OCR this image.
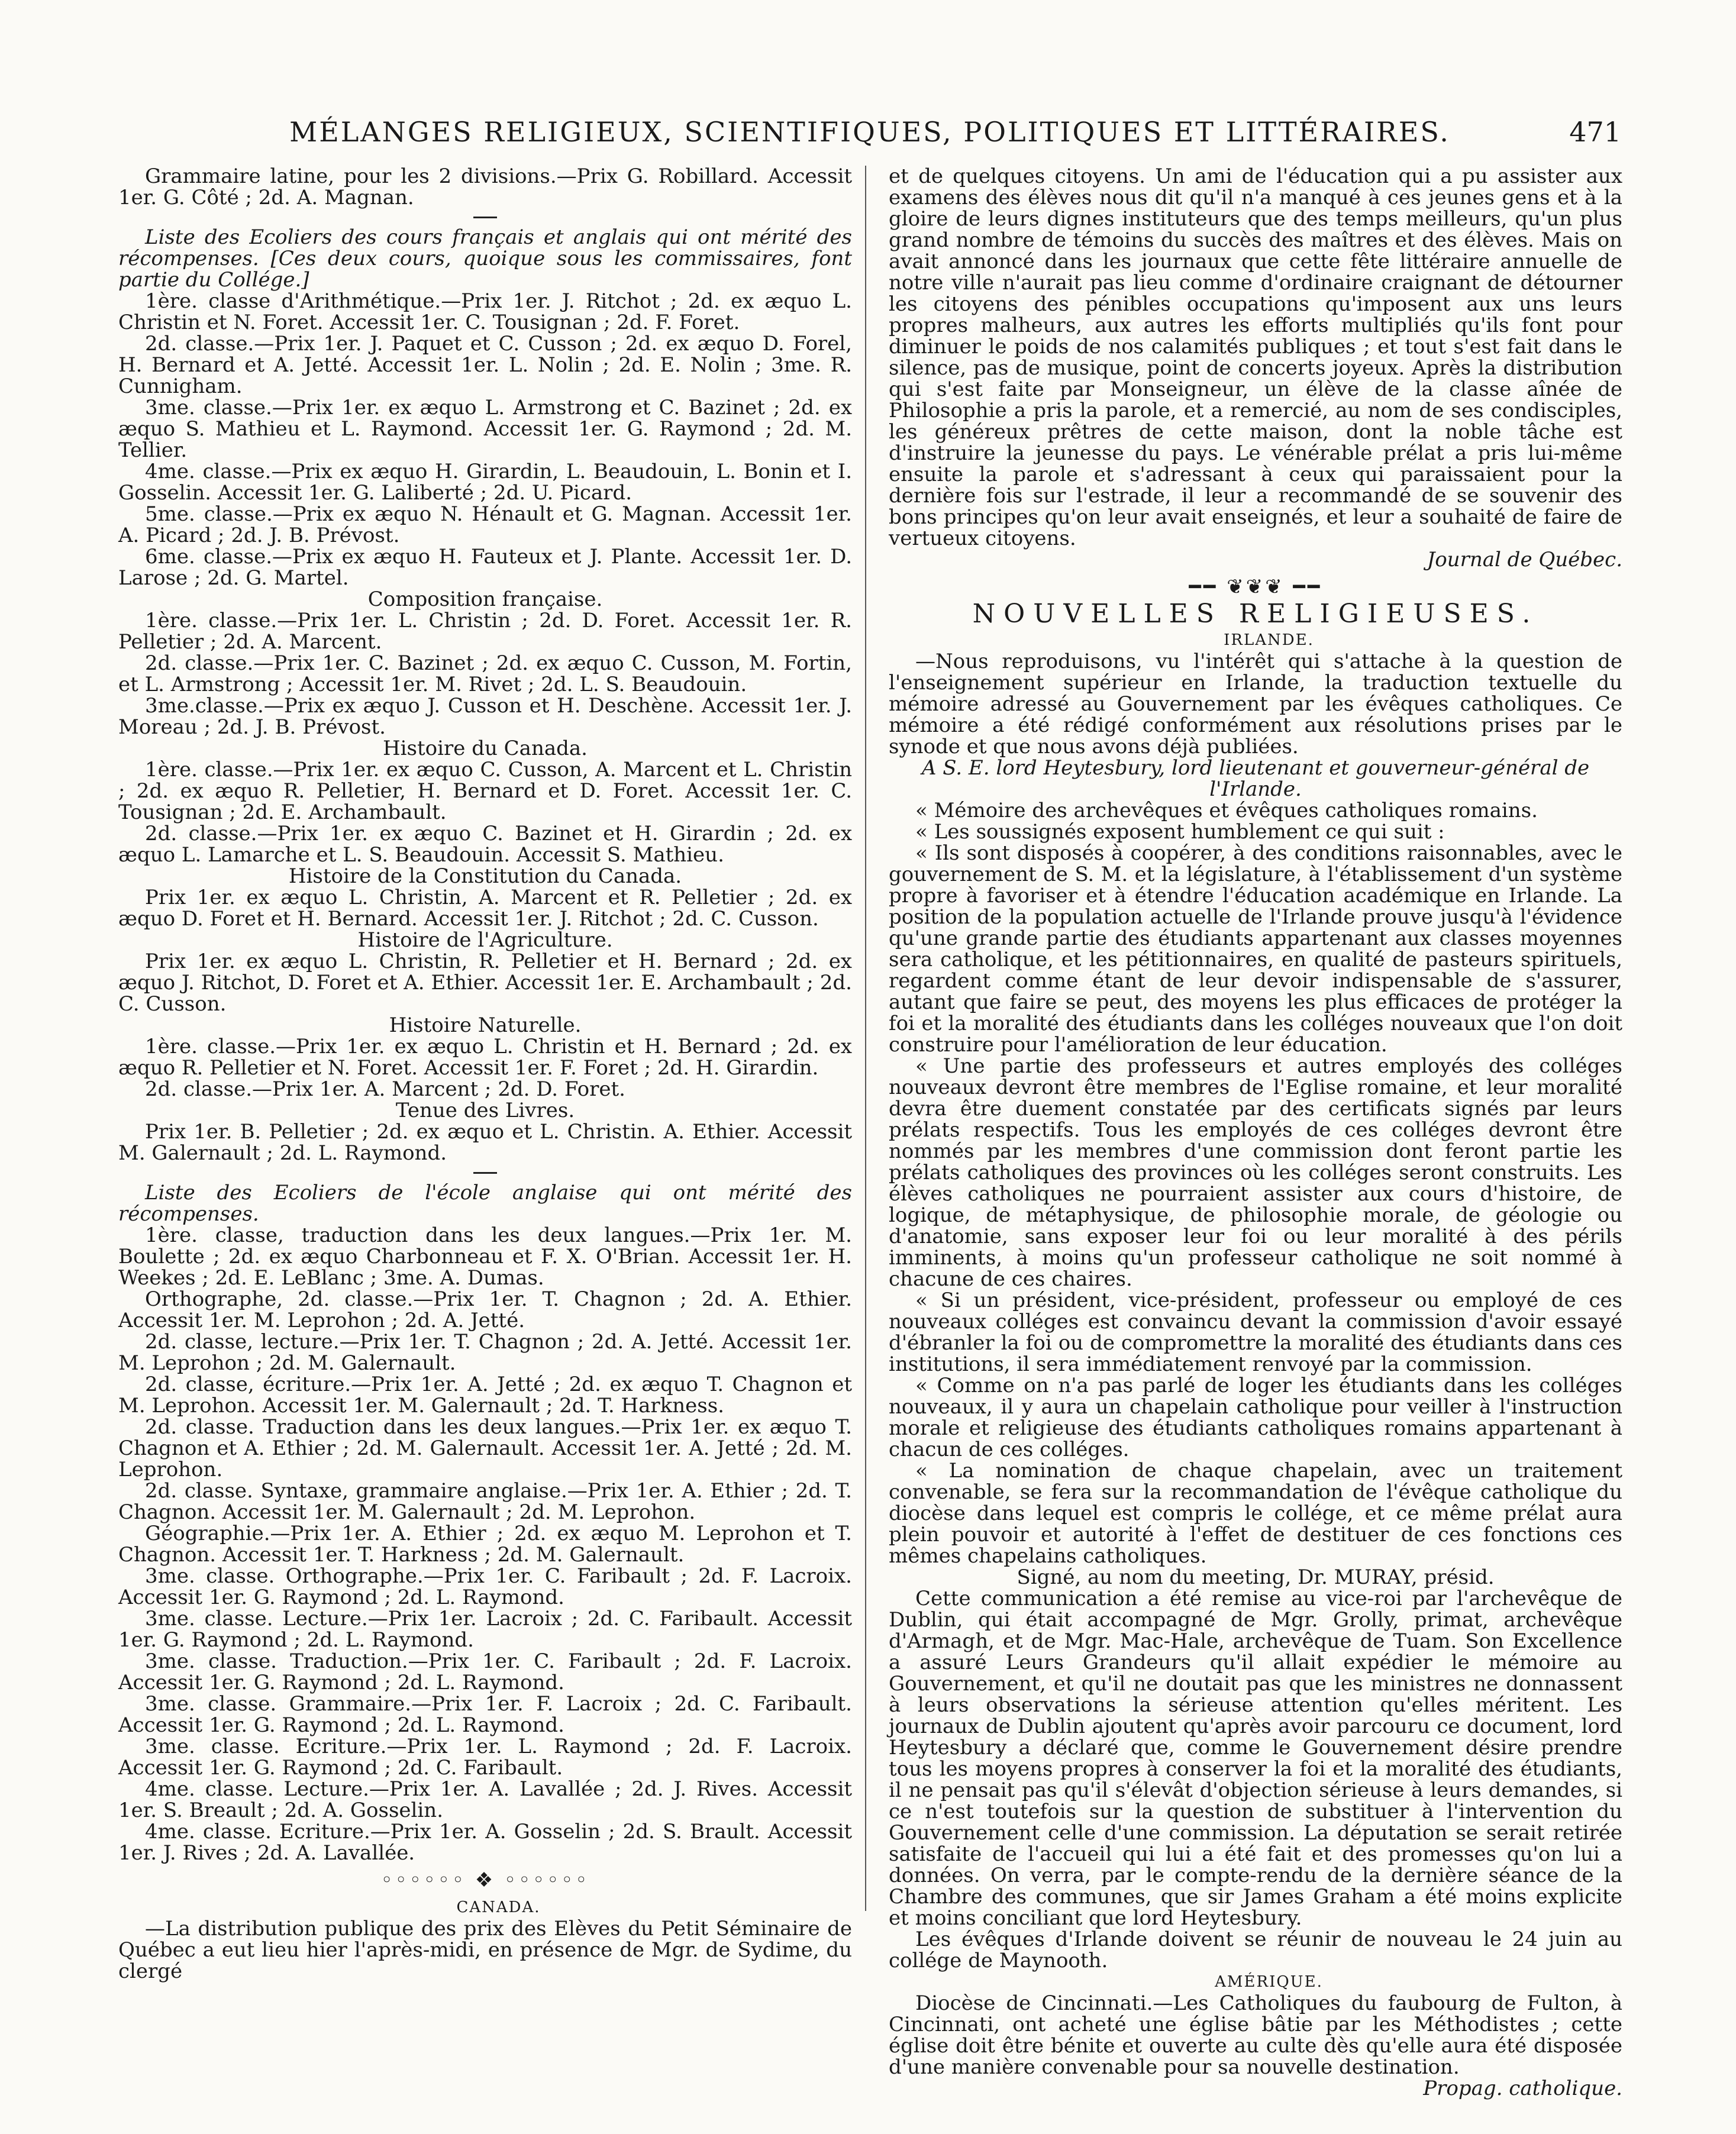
MÉLANGES RELIGIEUX, SCIENTIFIQUES, POLITIQUES ET LITTÉRAIRES.	471

Grammaire latine, pour les 2 divisions.—Prix G. Robillard. Accessit 1er. G. Côté ; 2d. A. Magnan.

Liste des Ecoliers des cours français et anglais qui ont mérité des récompenses. [Ces deux cours, quoique sous les commissaires, font partie du Collége.]

1ère. classe d'Arithmétique.—Prix 1er. J. Ritchot ; 2d. ex æquo L. Christin et N. Foret. Accessit 1er. C. Tousignan ; 2d. F. Foret.

2d. classe.—Prix 1er. J. Paquet et C. Cusson ; 2d. ex æquo D. Forel, H. Bernard et A. Jetté. Accessit 1er. L. Nolin ; 2d. E. Nolin ; 3me. R. Cunnigham.

3me. classe.—Prix 1er. ex æquo L. Armstrong et C. Bazinet ; 2d. ex æquo S. Mathieu et L. Raymond. Accessit 1er. G. Raymond ; 2d. M. Tellier.

4me. classe.—Prix ex æquo H. Girardin, L. Beaudouin, L. Bonin et I. Gosselin. Accessit 1er. G. Laliberté ; 2d. U. Picard.

5me. classe.—Prix ex æquo N. Hénault et G. Magnan. Accessit 1er. A. Picard ; 2d. J. B. Prévost.

6me. classe.—Prix ex æquo H. Fauteux et J. Plante. Accessit 1er. D. Larose ; 2d. G. Martel.

Composition française.

1ère. classe.—Prix 1er. L. Christin ; 2d. D. Foret. Accessit 1er. R. Pelletier ; 2d. A. Marcent.

2d. classe.—Prix 1er. C. Bazinet ; 2d. ex æquo C. Cusson, M. Fortin, et L. Armstrong ; Accessit 1er. M. Rivet ; 2d. L. S. Beaudouin.

3me.classe.—Prix ex æquo J. Cusson et H. Deschène. Accessit 1er. J. Moreau ; 2d. J. B. Prévost.

Histoire du Canada.

1ère. classe.—Prix 1er. ex æquo C. Cusson, A. Marcent et L. Christin ; 2d. ex æquo R. Pelletier, H. Bernard et D. Foret. Accessit 1er. C. Tousignan ; 2d. E. Archambault.

2d. classe.—Prix 1er. ex æquo C. Bazinet et H. Girardin ; 2d. ex æquo L. Lamarche et L. S. Beaudouin. Accessit S. Mathieu.

Histoire de la Constitution du Canada.

Prix 1er. ex æquo L. Christin, A. Marcent et R. Pelletier ; 2d. ex æquo D. Foret et H. Bernard. Accessit 1er. J. Ritchot ; 2d. C. Cusson.

Histoire de l'Agriculture.

Prix 1er. ex æquo L. Christin, R. Pelletier et H. Bernard ; 2d. ex æquo J. Ritchot, D. Foret et A. Ethier. Accessit 1er. E. Archambault ; 2d. C. Cusson.

Histoire Naturelle.

1ère. classe.—Prix 1er. ex æquo L. Christin et H. Bernard ; 2d. ex æquo R. Pelletier et N. Foret. Accessit 1er. F. Foret ; 2d. H. Girardin.

2d. classe.—Prix 1er. A. Marcent ; 2d. D. Foret.

Tenue des Livres.

Prix 1er. B. Pelletier ; 2d. ex æquo et L. Christin. A. Ethier. Accessit M. Galernault ; 2d. L. Raymond.

Liste des Ecoliers de l'école anglaise qui ont mérité des récompenses.

1ère. classe, traduction dans les deux langues.—Prix 1er. M. Boulette ; 2d. ex æquo Charbonneau et F. X. O'Brian. Accessit 1er. H. Weekes ; 2d. E. LeBlanc ; 3me. A. Dumas.

Orthographe, 2d. classe.—Prix 1er. T. Chagnon ; 2d. A. Ethier. Accessit 1er. M. Leprohon ; 2d. A. Jetté.

2d. classe, lecture.—Prix 1er. T. Chagnon ; 2d. A. Jetté. Accessit 1er. M. Leprohon ; 2d. M. Galernault.

2d. classe, écriture.—Prix 1er. A. Jetté ; 2d. ex æquo T. Chagnon et M. Leprohon. Accessit 1er. M. Galernault ; 2d. T. Harkness.

2d. classe. Traduction dans les deux langues.—Prix 1er. ex æquo T. Chagnon et A. Ethier ; 2d. M. Galernault. Accessit 1er. A. Jetté ; 2d. M. Leprohon.

2d. classe. Syntaxe, grammaire anglaise.—Prix 1er. A. Ethier ; 2d. T. Chagnon. Accessit 1er. M. Galernault ; 2d. M. Leprohon.

Géographie.—Prix 1er. A. Ethier ; 2d. ex æquo M. Leprohon et T. Chagnon. Accessit 1er. T. Harkness ; 2d. M. Galernault.

3me. classe. Orthographe.—Prix 1er. C. Faribault ; 2d. F. Lacroix. Accessit 1er. G. Raymond ; 2d. L. Raymond.

3me. classe. Lecture.—Prix 1er. Lacroix ; 2d. C. Faribault. Accessit 1er. G. Raymond ; 2d. L. Raymond.

3me. classe. Traduction.—Prix 1er. C. Faribault ; 2d. F. Lacroix. Accessit 1er. G. Raymond ; 2d. L. Raymond.

3me. classe. Grammaire.—Prix 1er. F. Lacroix ; 2d. C. Faribault. Accessit 1er. G. Raymond ; 2d. L. Raymond.

3me. classe. Ecriture.—Prix 1er. L. Raymond ; 2d. F. Lacroix. Accessit 1er. G. Raymond ; 2d. C. Faribault.

4me. classe. Lecture.—Prix 1er. A. Lavallée ; 2d. J. Rives. Accessit 1er. S. Breault ; 2d. A. Gosselin.

4me. classe. Ecriture.—Prix 1er. A. Gosselin ; 2d. S. Brault. Accessit 1er. J. Rives ; 2d. A. Lavallée.

◦◦◦◦◦◦ ❖ ◦◦◦◦◦◦

CANADA.

—La distribution publique des prix des Elèves du Petit Séminaire de Québec a eut lieu hier l'après-midi, en présence de Mgr. de Sydime, du clergé

et de quelques citoyens. Un ami de l'éducation qui a pu assister aux examens des élèves nous dit qu'il n'a manqué à ces jeunes gens et à la gloire de leurs dignes instituteurs que des temps meilleurs, qu'un plus grand nombre de témoins du succès des maîtres et des élèves. Mais on avait annoncé dans les journaux que cette fête littéraire annuelle de notre ville n'aurait pas lieu comme d'ordinaire craignant de détourner les citoyens des pénibles occupations qu'imposent aux uns leurs propres malheurs, aux autres les efforts multipliés qu'ils font pour diminuer le poids de nos calamités publiques ; et tout s'est fait dans le silence, pas de musique, point de concerts joyeux. Après la distribution qui s'est faite par Monseigneur, un élève de la classe aînée de Philosophie a pris la parole, et a remercié, au nom de ses condisciples, les généreux prêtres de cette maison, dont la noble tâche est d'instruire la jeunesse du pays. Le vénérable prélat a pris lui-même ensuite la parole et s'adressant à ceux qui paraissaient pour la dernière fois sur l'estrade, il leur a recommandé de se souvenir des bons principes qu'on leur avait enseignés, et leur a souhaité de faire de vertueux citoyens.

Journal de Québec.

━━ ❦❦❦ ━━
NOUVELLES RELIGIEUSES.

IRLANDE.

—Nous reproduisons, vu l'intérêt qui s'attache à la question de l'enseignement supérieur en Irlande, la traduction textuelle du mémoire adressé au Gouvernement par les évêques catholiques. Ce mémoire a été rédigé conformément aux résolutions prises par le synode et que nous avons déjà publiées.

A S. E. lord Heytesbury, lord lieutenant et gouverneur-général de l'Irlande.

« Mémoire des archevêques et évêques catholiques romains.

« Les soussignés exposent humblement ce qui suit :

« Ils sont disposés à coopérer, à des conditions raisonnables, avec le gouvernement de S. M. et la législature, à l'établissement d'un système propre à favoriser et à étendre l'éducation académique en Irlande. La position de la population actuelle de l'Irlande prouve jusqu'à l'évidence qu'une grande partie des étudiants appartenant aux classes moyennes sera catholique, et les pétitionnaires, en qualité de pasteurs spirituels, regardent comme étant de leur devoir indispensable de s'assurer, autant que faire se peut, des moyens les plus efficaces de protéger la foi et la moralité des étudiants dans les colléges nouveaux que l'on doit construire pour l'amélioration de leur éducation.

« Une partie des professeurs et autres employés des colléges nouveaux devront être membres de l'Eglise romaine, et leur moralité devra être duement constatée par des certificats signés par leurs prélats respectifs. Tous les employés de ces colléges devront être nommés par les membres d'une commission dont feront partie les prélats catholiques des provinces où les colléges seront construits. Les élèves catholiques ne pourraient assister aux cours d'histoire, de logique, de métaphysique, de philosophie morale, de géologie ou d'anatomie, sans exposer leur foi ou leur moralité à des périls imminents, à moins qu'un professeur catholique ne soit nommé à chacune de ces chaires.

« Si un président, vice-président, professeur ou employé de ces nouveaux colléges est convaincu devant la commission d'avoir essayé d'ébranler la foi ou de compromettre la moralité des étudiants dans ces institutions, il sera immédiatement renvoyé par la commission.

« Comme on n'a pas parlé de loger les étudiants dans les colléges nouveaux, il y aura un chapelain catholique pour veiller à l'instruction morale et religieuse des étudiants catholiques romains appartenant à chacun de ces colléges.

« La nomination de chaque chapelain, avec un traitement convenable, se fera sur la recommandation de l'évêque catholique du diocèse dans lequel est compris le collége, et ce même prélat aura plein pouvoir et autorité à l'effet de destituer de ces fonctions ces mêmes chapelains catholiques.

Signé, au nom du meeting, Dr. MURAY, présid.

Cette communication a été remise au vice-roi par l'archevêque de Dublin, qui était accompagné de Mgr. Grolly, primat, archevêque d'Armagh, et de Mgr. Mac-Hale, archevêque de Tuam. Son Excellence a assuré Leurs Grandeurs qu'il allait expédier le mémoire au Gouvernement, et qu'il ne doutait pas que les ministres ne donnassent à leurs observations la sérieuse attention qu'elles méritent. Les journaux de Dublin ajoutent qu'après avoir parcouru ce document, lord Heytesbury a déclaré que, comme le Gouvernement désire prendre tous les moyens propres à conserver la foi et la moralité des étudiants, il ne pensait pas qu'il s'élevât d'objection sérieuse à leurs demandes, si ce n'est toutefois sur la question de substituer à l'intervention du Gouvernement celle d'une commission. La députation se serait retirée satisfaite de l'accueil qui lui a été fait et des promesses qu'on lui a données. On verra, par le compte-rendu de la dernière séance de la Chambre des communes, que sir James Graham a été moins explicite et moins conciliant que lord Heytesbury.

Les évêques d'Irlande doivent se réunir de nouveau le 24 juin au collége de Maynooth.

AMÉRIQUE.

Diocèse de Cincinnati.—Les Catholiques du faubourg de Fulton, à Cincinnati, ont acheté une église bâtie par les Méthodistes ; cette église doit être bénite et ouverte au culte dès qu'elle aura été disposée d'une manière convenable pour sa nouvelle destination.

Propag. catholique.
